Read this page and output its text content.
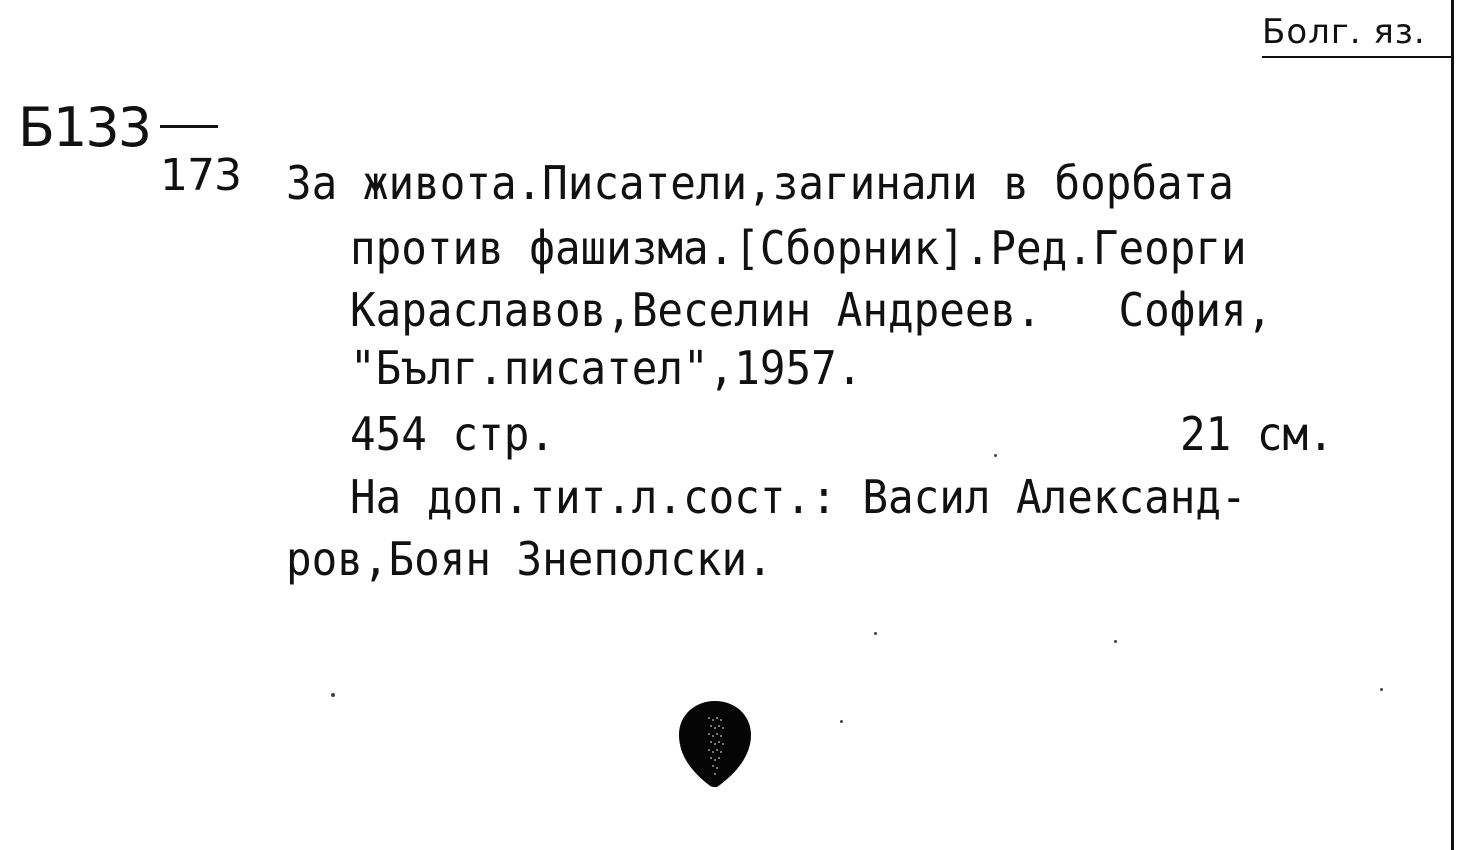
Болг. яз.
Б133
173 За живота.Писатели,загинали в борбата
против фашизма.[Сборник].Ред.Георги
Караславов,Веселин Андреев.   София,
"Бълг.писател",1957.
454 стр.	21 см.
На доп.тит.л.сост.: Васил Александ-
ров,Боян Знеполски.
